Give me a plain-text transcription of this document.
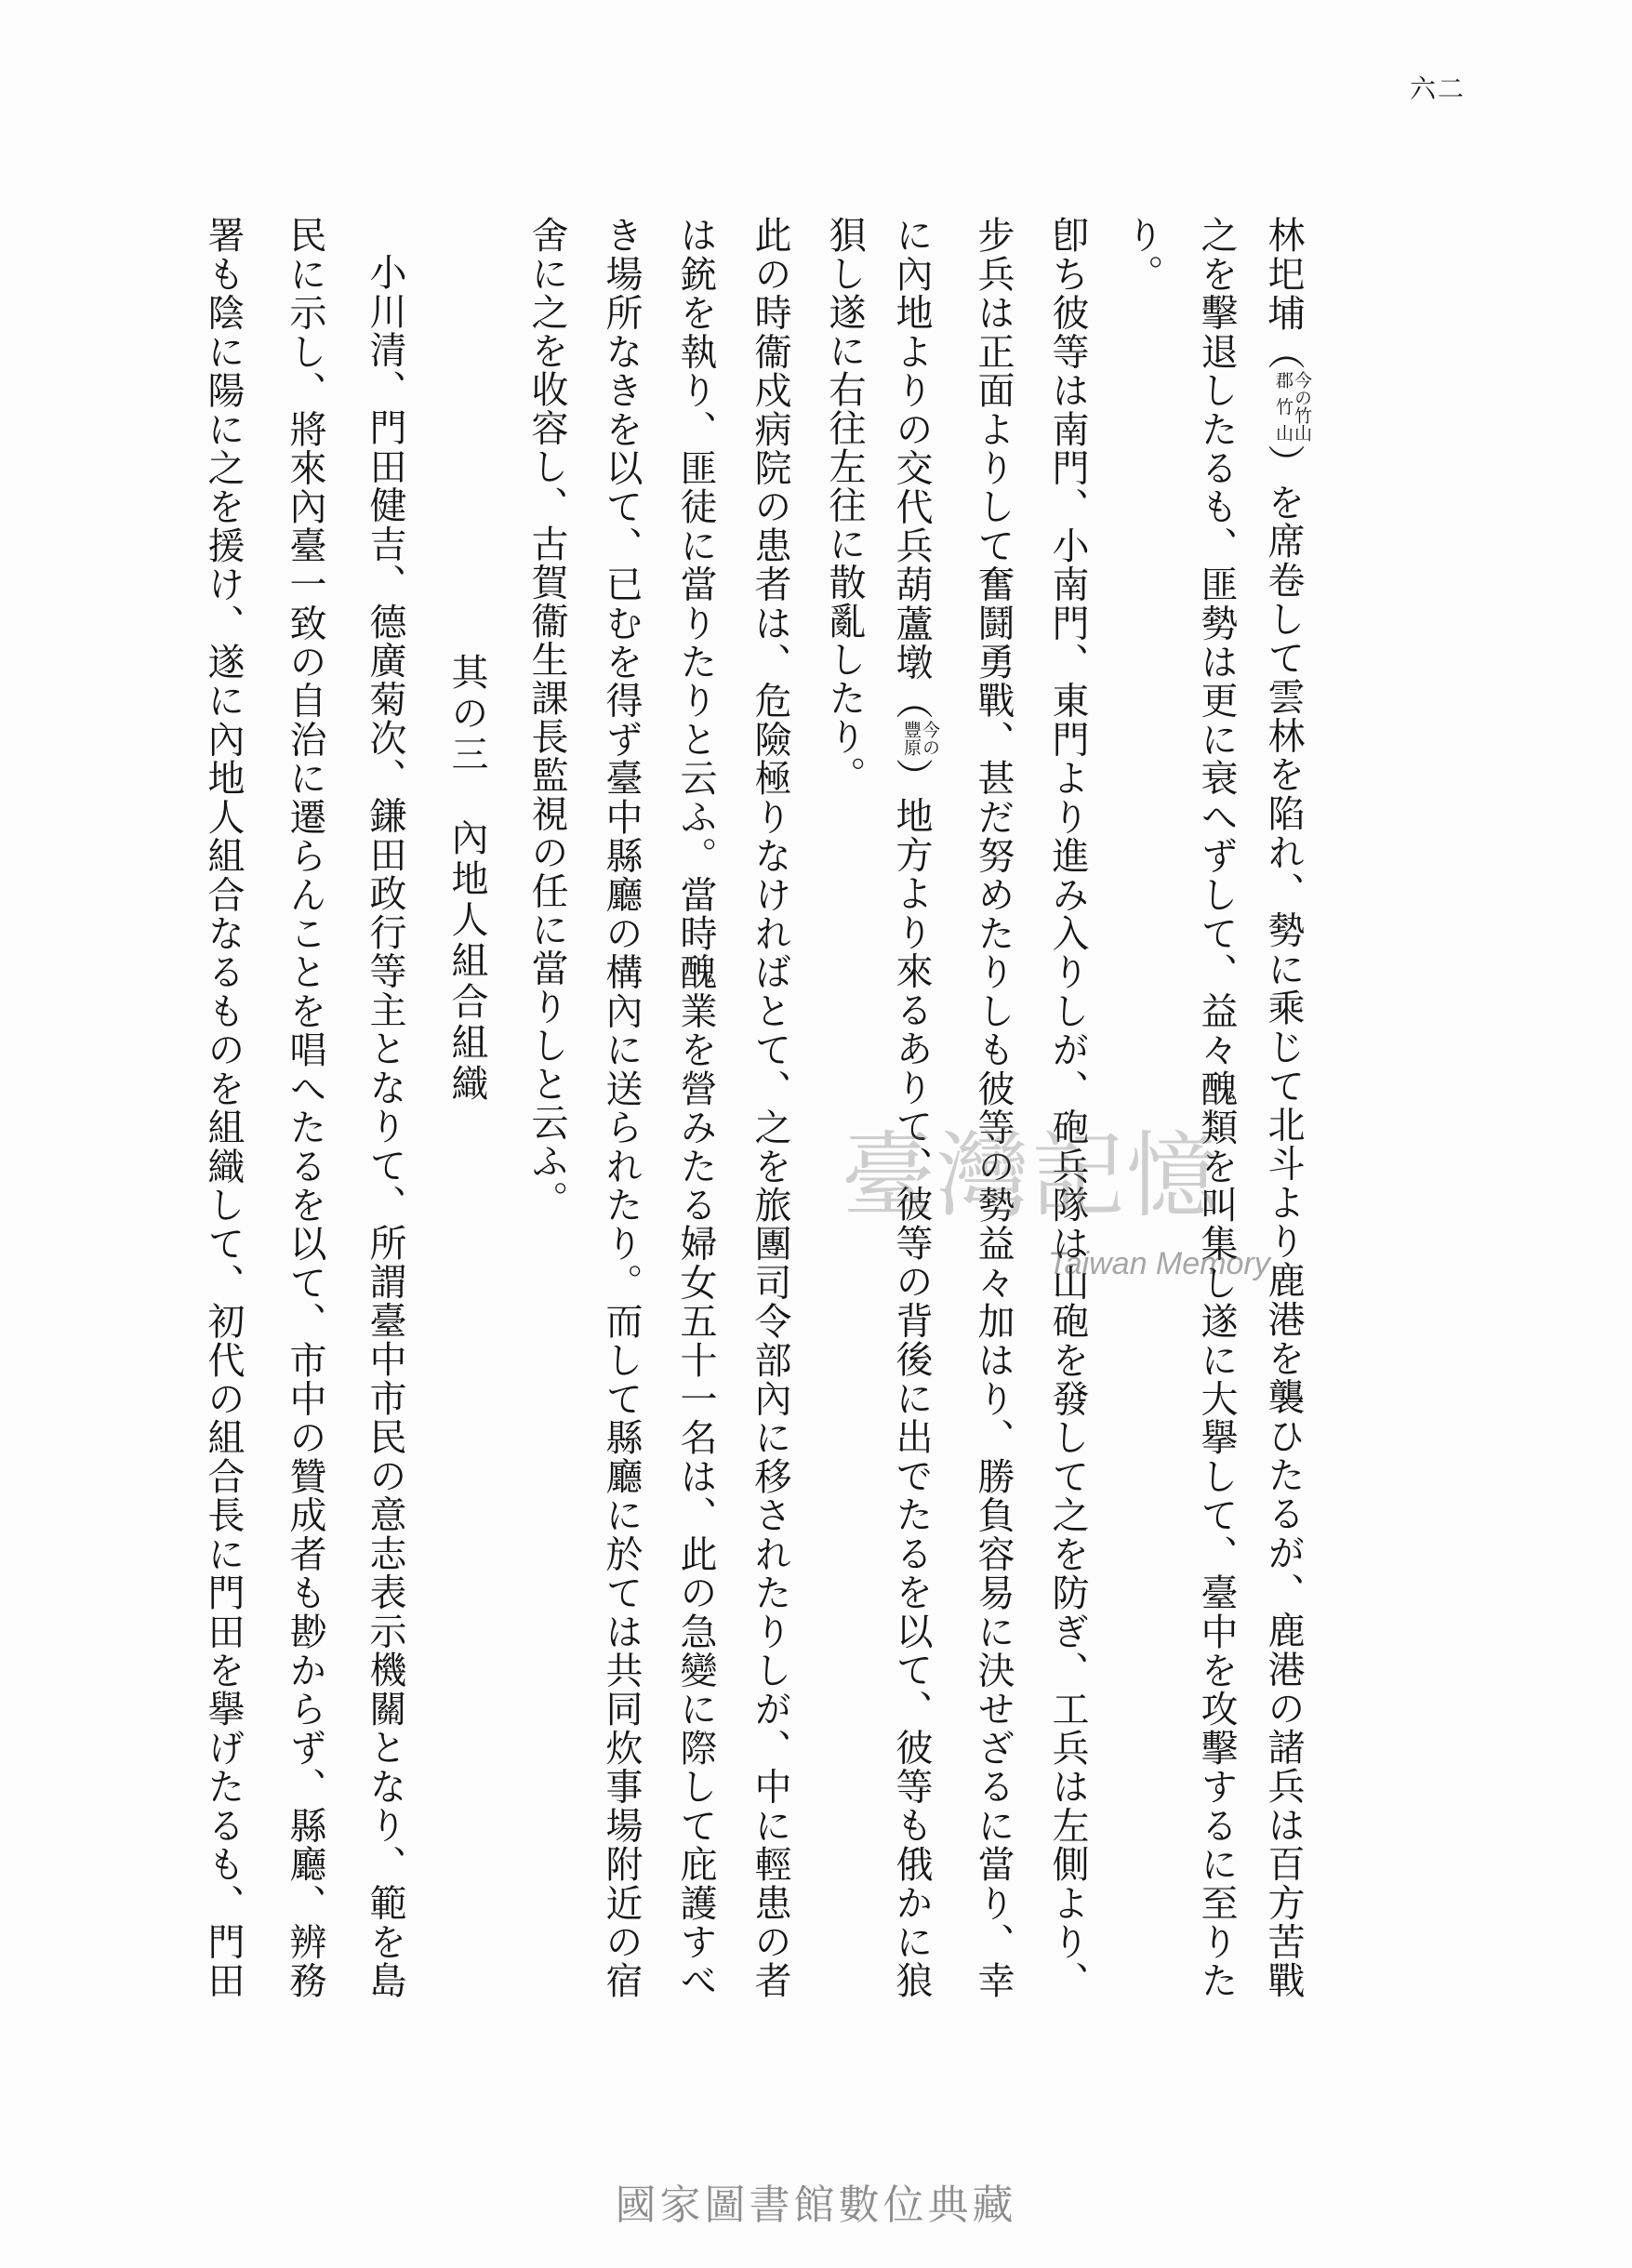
六二
林圯埔（
今の竹山
郡竹山
）を席卷して雲林を陷れ、勢に乘じて北斗より鹿港を襲ひたるが、鹿港の諸兵は百方苦戰
之を擊退したるも、匪勢は更に衰へずして、益々醜類を叫集し遂に大擧して、臺中を攻擊するに至りた
り。
卽ち彼等は南門、小南門、東門より進み入りしが、砲兵隊は山砲を發して之を防ぎ、工兵は左側より、
步兵は正面よりして奮鬪勇戰、甚だ努めたりしも彼等の勢益々加はり、勝負容易に決せざるに當り、幸
に內地よりの交代兵葫蘆墩（
今の
豐原
）地方より來るありて、彼等の背後に出でたるを以て、彼等も俄かに狼
狽し遂に右往左往に散亂したり。
此の時衞戍病院の患者は、危險極りなければとて、之を旅團司令部內に移されたりしが、中に輕患の者
は銃を執り、匪徒に當りたりと云ふ。當時醜業を營みたる婦女五十一名は、此の急變に際して庇護すべ
き場所なきを以て、已むを得ず臺中縣廳の構內に送られたり。而して縣廳に於ては共同炊事場附近の宿
舍に之を收容し、古賀衞生課長監視の任に當りしと云ふ。
其の三內地人組合組織
小川清、門田健吉、德廣菊次、鎌田政行等主となりて、所謂臺中市民の意志表示機關となり、範を島
民に示し、將來內臺一致の自治に遷らんことを唱へたるを以て、市中の贊成者も尠からず、縣廳、辨務
署も陰に陽に之を援け、遂に內地人組合なるものを組織して、初代の組合長に門田を擧げたるも、門田	臺灣記憶
Taiwan Memory
國家圖書館數位典藏
